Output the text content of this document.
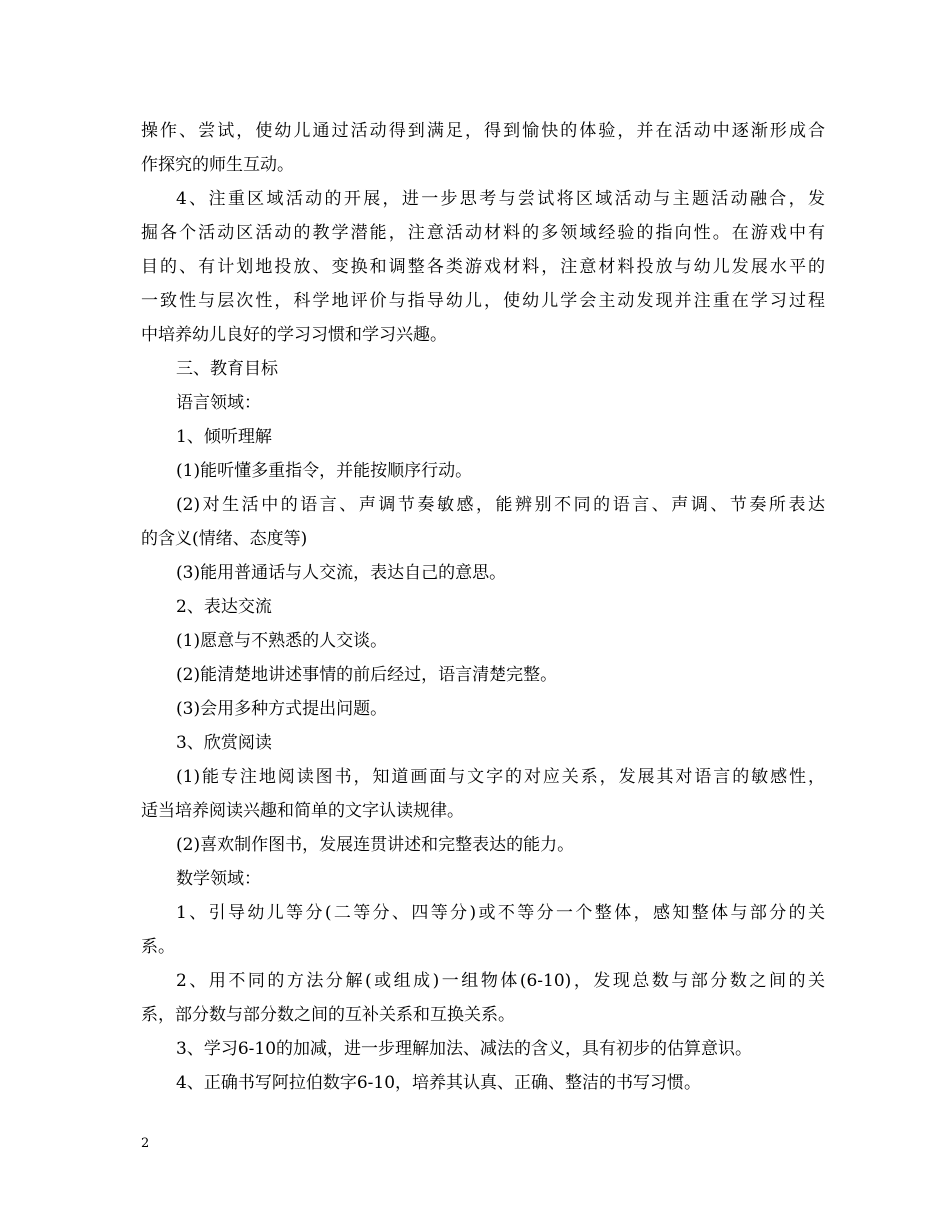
操作、尝试，使幼儿通过活动得到满足，得到愉快的体验，并在活动中逐渐形成合
作探究的师生互动。
4、注重区域活动的开展，进一步思考与尝试将区域活动与主题活动融合，发
掘各个活动区活动的教学潜能，注意活动材料的多领域经验的指向性。在游戏中有
目的、有计划地投放、变换和调整各类游戏材料，注意材料投放与幼儿发展水平的
一致性与层次性，科学地评价与指导幼儿，使幼儿学会主动发现并注重在学习过程
中培养幼儿良好的学习习惯和学习兴趣。
三、教育目标
语言领域：
1、倾听理解
(1)能听懂多重指令，并能按顺序行动。
(2)对生活中的语言、声调节奏敏感，能辨别不同的语言、声调、节奏所表达
的含义(情绪、态度等)
(3)能用普通话与人交流，表达自己的意思。
2、表达交流
(1)愿意与不熟悉的人交谈。
(2)能清楚地讲述事情的前后经过，语言清楚完整。
(3)会用多种方式提出问题。
3、欣赏阅读
(1)能专注地阅读图书，知道画面与文字的对应关系，发展其对语言的敏感性，
适当培养阅读兴趣和简单的文字认读规律。
(2)喜欢制作图书，发展连贯讲述和完整表达的能力。
数学领域：
1、引导幼儿等分(二等分、四等分)或不等分一个整体，感知整体与部分的关
系。
2、用不同的方法分解(或组成)一组物体(6-10)，发现总数与部分数之间的关
系，部分数与部分数之间的互补关系和互换关系。
3、学习6-10的加减，进一步理解加法、减法的含义，具有初步的估算意识。
4、正确书写阿拉伯数字6-10，培养其认真、正确、整洁的书写习惯。
2
